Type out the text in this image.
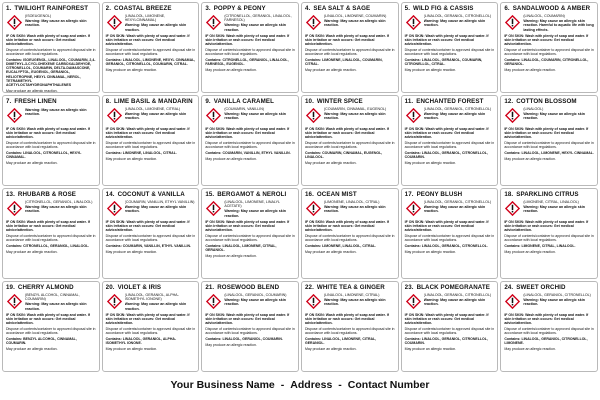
1. TWILIGHT RAINFOREST
(ISOEUGENOL)
Warning: May cause an allergic skin reaction.

IF ON SKIN: Wash with plenty of soap and water. If skin irritation or rash occurs: Get medical advice/attention.

Dispose of contents/container to approved disposal site in accordance with local regulations.

Contains: ISOEUGENOL, LINALOOL, COUMARIN, 2,4-DIMETHYL-3-CYCLOHEXENE CARBOXALDEHYDE, CITRONELLOL, COUMARIN, DELTA-DAMASCONE, EUCALYPTOL, EUGENOL, GERANIOL, HELIOTROPINE, HEXYL CINNAMAL, NEROL, TETRAMETHYL ACETYLOCTAHYDRONAPHTHALENES

May produce an allergic reaction.

2. COASTAL BREEZE
(LINALOOL, LIMONENE, HEXYLCINNAMAL)
Warning: May cause an allergic skin reaction.

IF ON SKIN: Wash with plenty of soap and water. If skin irritation or rash occurs: Get medical advice/attention.

Dispose of contents/container to approved disposal site in accordance with local regulations.

Contains: LINALOOL, LIMONENE, HEXYL CINNAMAL, GERANIOL, CITRONELLOL, COUMARIN, CITRAL.

May produce an allergic reaction.

3. POPPY & PEONY
(CITRONELLOL, GERANIOL, LINALOOL, FARNESOL)
Warning: May cause an allergic skin reaction.

IF ON SKIN: Wash with plenty of soap and water. If skin irritation or rash occurs: Get medical advice/attention.

Dispose of contents/container to approved disposal site in accordance with local regulations.

Contains: CITRONELLOL, GERANIOL, LINALOOL, FARNESOL, EUGENOL.

May produce an allergic reaction.

4. SEA SALT & SAGE
(LINALOOL, LIMONENE, COUMARIN)
Warning: May cause an allergic skin reaction.

IF ON SKIN: Wash with plenty of soap and water. If skin irritation or rash occurs: Get medical advice/attention.

Dispose of contents/container to approved disposal site in accordance with local regulations.

Contains: LIMONENE, LINALOOL, COUMARIN, CITRAL.

May produce an allergic reaction.

5. WILD FIG & CASSIS
(LINALOOL, GERANIOL, CITRONELLOL)
Warning: May cause an allergic skin reaction.

IF ON SKIN: Wash with plenty of soap and water. If skin irritation or rash occurs: Get medical advice/attention.

Dispose of contents/container to approved disposal site in accordance with local regulations.

Contains: LINALOOL, GERANIOL, COUMARIN, CITRONELLOL, CITRAL.

May produce an allergic reaction.

6. SANDALWOOD & AMBER
(LINALOOL, COUMARIN)
Warning: May cause an allergic skin reaction. Harmful to aquatic life with long lasting effects.

IF ON SKIN: Wash with plenty of soap and water. If skin irritation or rash occurs: Get medical advice/attention.

Dispose of contents/container to approved disposal site in accordance with local regulations.

Contains: LINALOOL, COUMARIN, CITRONELLOL, GERANIOL.

May produce an allergic reaction.

7. FRESH LINEN
Warning: May cause an allergic skin reaction.

IF ON SKIN: Wash with plenty of soap and water. If skin irritation or rash occurs: Get medical advice/attention.

Dispose of contents/container to approved disposal site in accordance with local regulations.

Contains: LINALOOL, CITRONELLOL, HEXYL CINNAMAL.

May produce an allergic reaction.

8. LIME BASIL & MANDARIN
(LINALOOL, LIMONENE, CITRAL)
Warning: May cause an allergic skin reaction.

IF ON SKIN: Wash with plenty of soap and water. If skin irritation or rash occurs: Get medical advice/attention.

Dispose of contents/container to approved disposal site in accordance with local regulations.

Contains: LIMONENE, LINALOOL, CITRAL.

May produce an allergic reaction.

9. VANILLA CARAMEL
(COUMARIN, VANILLIN)
Warning: May cause an allergic skin reaction.

IF ON SKIN: Wash with plenty of soap and water. If skin irritation or rash occurs: Get medical advice/attention.

Dispose of contents/container to approved disposal site in accordance with local regulations.

Contains: COUMARIN, VANILLIN, ETHYL VANILLIN.

May produce an allergic reaction.

10. WINTER SPICE
(COUMARIN, CINNAMAL, EUGENOL)
Warning: May cause an allergic skin reaction.

IF ON SKIN: Wash with plenty of soap and water. If skin irritation or rash occurs: Get medical advice/attention.

Dispose of contents/container to approved disposal site in accordance with local regulations.

Contains: COUMARIN, CINNAMAL, EUGENOL, LINALOOL.

May produce an allergic reaction.

11. ENCHANTED FOREST
(LINALOOL, GERANIOL, CITRONELLOL)
Warning: May cause an allergic skin reaction.

IF ON SKIN: Wash with plenty of soap and water. If skin irritation or rash occurs: Get medical advice/attention.

Dispose of contents/container to approved disposal site in accordance with local regulations.

Contains: LINALOOL, GERANIOL, CITRONELLOL, COUMARIN.

May produce an allergic reaction.

12. COTTON BLOSSOM
(LINALOOL)
Warning: May cause an allergic skin reaction.

IF ON SKIN: Wash with plenty of soap and water. If skin irritation or rash occurs: Get medical advice/attention.

Dispose of contents/container to approved disposal site in accordance with local regulations.

Contains: LINALOOL, LIMONENE, HEXYL CINNAMAL.

May produce an allergic reaction.

13. RHUBARB & ROSE
(CITRONELLOL, GERANIOL, LINALOOL)
Warning: May cause an allergic skin reaction.

IF ON SKIN: Wash with plenty of soap and water. If skin irritation or rash occurs: Get medical advice/attention.

Dispose of contents/container to approved disposal site in accordance with local regulations.

Contains: CITRONELLOL, GERANIOL, LINALOOL.

May produce an allergic reaction.

14. COCONUT & VANILLA
(COUMARIN, VANILLIN, ETHYL VANILLIN)
Warning: May cause an allergic skin reaction.

IF ON SKIN: Wash with plenty of soap and water. If skin irritation or rash occurs: Get medical advice/attention.

Dispose of contents/container to approved disposal site in accordance with local regulations.

Contains: COUMARIN, VANILLIN, ETHYL VANILLIN.

May produce an allergic reaction.

15. BERGAMOT & NEROLI
(LINALOOL, LIMONENE, LINALYL ACETATE)
Warning: May cause an allergic skin reaction.

IF ON SKIN: Wash with plenty of soap and water. If skin irritation or rash occurs: Get medical advice/attention.

Dispose of contents/container to approved disposal site in accordance with local regulations.

Contains: LINALOOL, LIMONENE, CITRAL, GERANIOL.

May produce an allergic reaction.

16. OCEAN MIST
(LIMONENE, LINALOOL, CITRAL)
Warning: May cause an allergic skin reaction.

IF ON SKIN: Wash with plenty of soap and water. If skin irritation or rash occurs: Get medical advice/attention.

Dispose of contents/container to approved disposal site in accordance with local regulations.

Contains: LIMONENE, LINALOOL, CITRAL.

May produce an allergic reaction.

17. PEONY BLUSH
(LINALOOL, GERANIOL, CITRONELLOL)
Warning: May cause an allergic skin reaction.

IF ON SKIN: Wash with plenty of soap and water. If skin irritation or rash occurs: Get medical advice/attention.

Dispose of contents/container to approved disposal site in accordance with local regulations.

Contains: LINALOOL, GERANIOL, CITRONELLOL.

May produce an allergic reaction.

18. SPARKLING CITRUS
(LIMONENE, CITRAL, LINALOOL)
Warning: May cause an allergic skin reaction.

IF ON SKIN: Wash with plenty of soap and water. If skin irritation or rash occurs: Get medical advice/attention.

Dispose of contents/container to approved disposal site in accordance with local regulations.

Contains: LIMONENE, CITRAL, LINALOOL.

May produce an allergic reaction.

19. CHERRY ALMOND
(BENZYL ALCOHOL, CINNAMAL, COUMARIN)
Warning: May cause an allergic skin reaction.

IF ON SKIN: Wash with plenty of soap and water. If skin irritation or rash occurs: Get medical advice/attention.

Dispose of contents/container to approved disposal site in accordance with local regulations.

Contains: BENZYL ALCOHOL, CINNAMAL, COUMARIN.

May produce an allergic reaction.

20. VIOLET & IRIS
(LINALOOL, GERANIOL, ALPHA-ISOMETHYL IONONE)
Warning: May cause an allergic skin reaction.

IF ON SKIN: Wash with plenty of soap and water. If skin irritation or rash occurs: Get medical advice/attention.

Dispose of contents/container to approved disposal site in accordance with local regulations.

Contains: LINALOOL, GERANIOL, ALPHA-ISOMETHYL IONONE.

May produce an allergic reaction.

21. ROSEWOOD BLEND
(LINALOOL, GERANIOL, COUMARIN)
Warning: May cause an allergic skin reaction.

IF ON SKIN: Wash with plenty of soap and water. If skin irritation or rash occurs: Get medical advice/attention.

Dispose of contents/container to approved disposal site in accordance with local regulations.

Contains: LINALOOL, GERANIOL, COUMARIN.

May produce an allergic reaction.

22. WHITE TEA & GINGER
(LINALOOL, LIMONENE, CITRAL)
Warning: May cause an allergic skin reaction.

IF ON SKIN: Wash with plenty of soap and water. If skin irritation or rash occurs: Get medical advice/attention.

Dispose of contents/container to approved disposal site in accordance with local regulations.

Contains: LINALOOL, LIMONENE, CITRAL, GERANIOL.

May produce an allergic reaction.

23. BLACK POMEGRANATE
(LINALOOL, GERANIOL, CITRONELLOL)
Warning: May cause an allergic skin reaction.

IF ON SKIN: Wash with plenty of soap and water. If skin irritation or rash occurs: Get medical advice/attention.

Dispose of contents/container to approved disposal site in accordance with local regulations.

Contains: LINALOOL, GERANIOL, CITRONELLOL, COUMARIN.

May produce an allergic reaction.

24. SWEET ORCHID
(LINALOOL, GERANIOL, CITRONELLOL)
Warning: May cause an allergic skin reaction.

IF ON SKIN: Wash with plenty of soap and water. If skin irritation or rash occurs: Get medical advice/attention.

Dispose of contents/container to approved disposal site in accordance with local regulations.

Contains: LINALOOL, GERANIOL, CITRONELLOL, LIMONENE.

May produce an allergic reaction.

Your Business Name - Address - Contact Number
